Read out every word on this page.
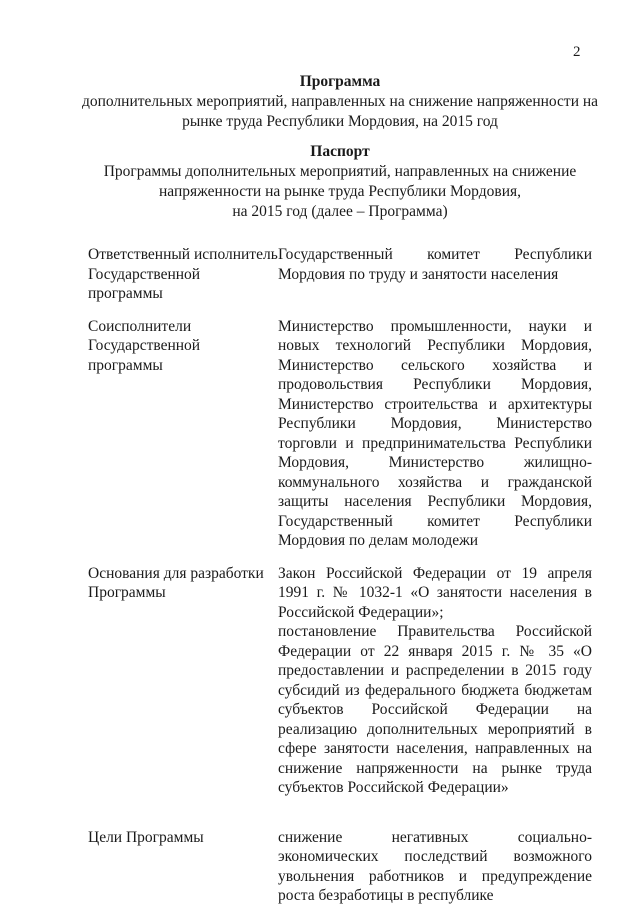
2
Программа
дополнительных мероприятий, направленных на снижение напряженности на
рынке труда Республики Мордовия, на 2015 год
Паспорт
Программы дополнительных мероприятий, направленных на снижение
напряженности на рынке труда Республики Мордовия,
на 2015 год (далее – Программа)
Ответственный исполнитель Государственной программы
Государственный комитет Республики Мордовия по труду и занятости населения
Соисполнители Государственной программы
Министерство промышленности, науки и новых технологий Республики Мордовия, Министерство сельского хозяйства и продовольствия Республики Мордовия, Министерство строительства и архитектуры Республики Мордовия, Министерство торговли и предпринимательства Республики Мордовия, Министерство жилищно-коммунального хозяйства и гражданской защиты населения Республики Мордовия, Государственный комитет Республики Мордовия по делам молодежи
Основания для разработки Программы

Закон Российской Федерации от 19 апреля 1991 г. № 1032-1 «О занятости населения в Российской Федерации»;

постановление Правительства Российской Федерации от 22 января 2015 г. № 35 «О предоставлении и распределении в 2015 году субсидий из федерального бюджета бюджетам субъектов Российской Федерации на реализацию дополнительных мероприятий в сфере занятости населения, направленных на снижение напряженности на рынке труда субъектов Российской Федерации»

Цели Программы	снижение негативных социально-экономических последствий возможного увольнения работников и предупреждение роста безработицы в республике
